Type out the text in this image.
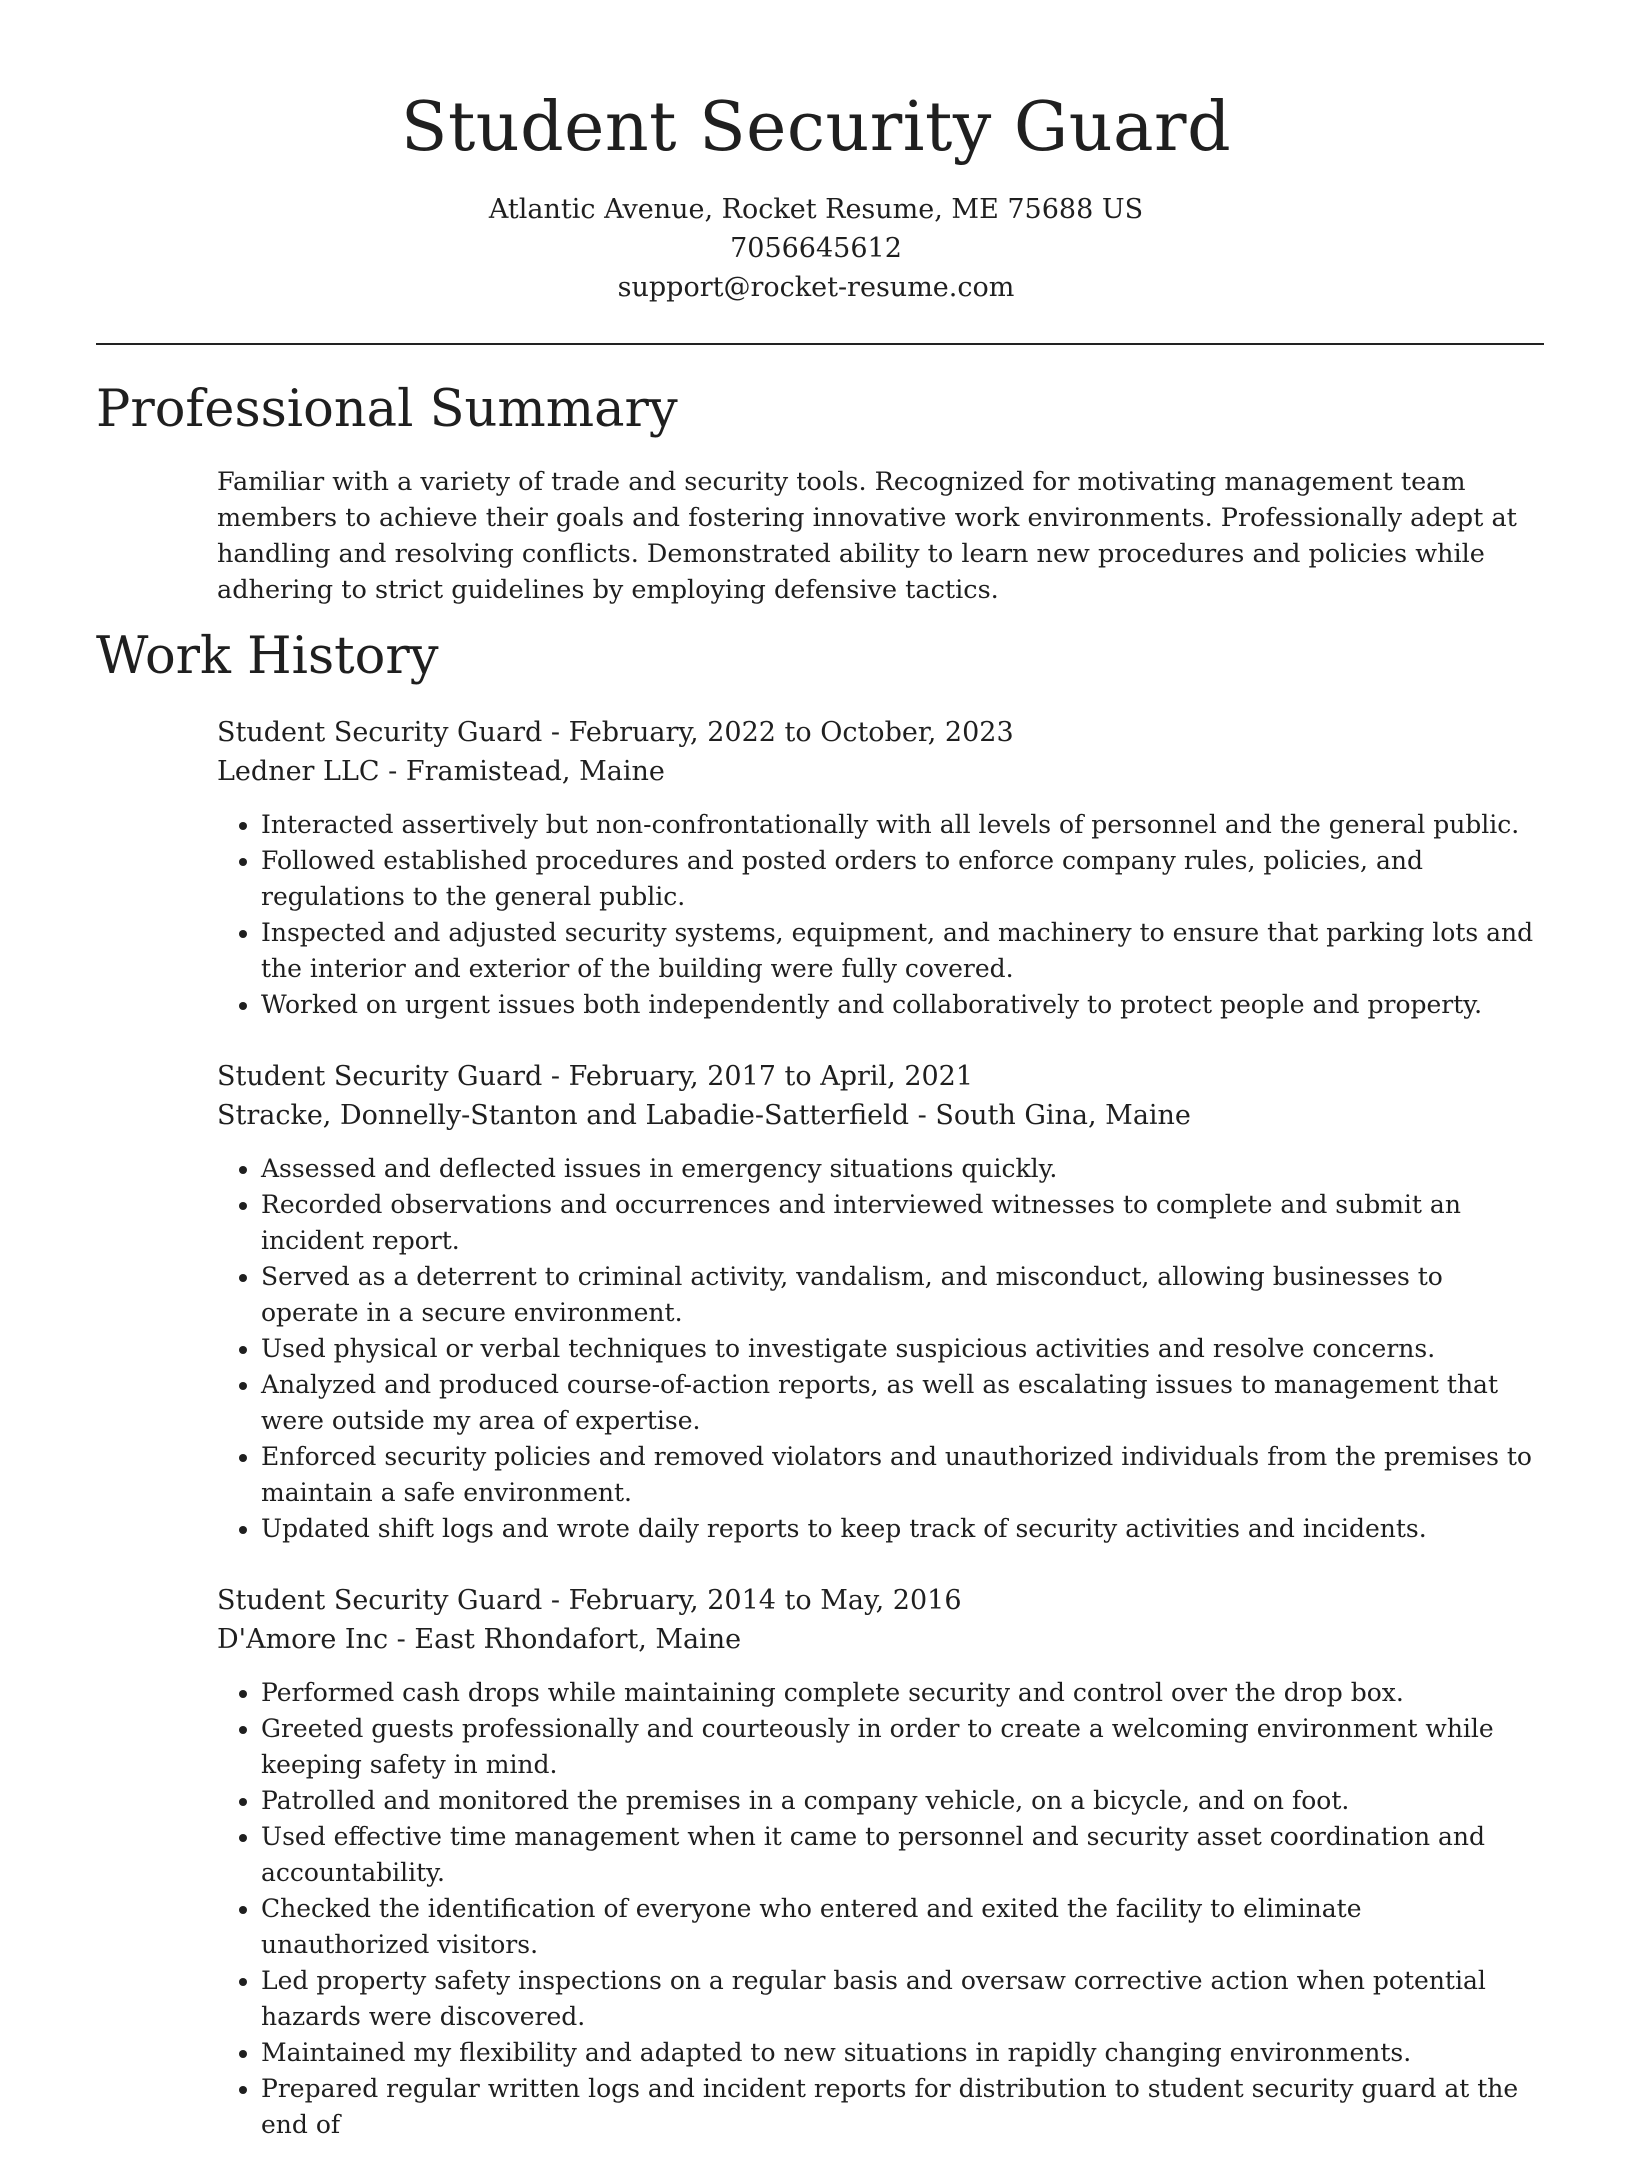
Student Security Guard
Atlantic Avenue, Rocket Resume, ME 75688 US
7056645612
support@rocket-resume.com
Professional Summary

Familiar with a variety of trade and security tools. Recognized for motivating management team members to achieve their goals and fostering innovative work environments. Professionally adept at handling and resolving conflicts. Demonstrated ability to learn new procedures and policies while adhering to strict guidelines by employing defensive tactics.

Work History
Student Security Guard - February, 2022 to October, 2023
Ledner LLC - Framistead, Maine
• Interacted assertively but non-confrontationally with all levels of personnel and the general public.
• Followed established procedures and posted orders to enforce company rules, policies, and regulations to the general public.
• Inspected and adjusted security systems, equipment, and machinery to ensure that parking lots and the interior and exterior of the building were fully covered.
• Worked on urgent issues both independently and collaboratively to protect people and property.
Student Security Guard - February, 2017 to April, 2021
Stracke, Donnelly-Stanton and Labadie-Satterfield - South Gina, Maine
• Assessed and deflected issues in emergency situations quickly.
• Recorded observations and occurrences and interviewed witnesses to complete and submit an incident report.
• Served as a deterrent to criminal activity, vandalism, and misconduct, allowing businesses to operate in a secure environment.
• Used physical or verbal techniques to investigate suspicious activities and resolve concerns.
• Analyzed and produced course-of-action reports, as well as escalating issues to management that were outside my area of expertise.
• Enforced security policies and removed violators and unauthorized individuals from the premises to maintain a safe environment.
• Updated shift logs and wrote daily reports to keep track of security activities and incidents.
Student Security Guard - February, 2014 to May, 2016
D'Amore Inc - East Rhondafort, Maine
• Performed cash drops while maintaining complete security and control over the drop box.
• Greeted guests professionally and courteously in order to create a welcoming environment while keeping safety in mind.
• Patrolled and monitored the premises in a company vehicle, on a bicycle, and on foot.
• Used effective time management when it came to personnel and security asset coordination and accountability.
• Checked the identification of everyone who entered and exited the facility to eliminate unauthorized visitors.
• Led property safety inspections on a regular basis and oversaw corrective action when potential hazards were discovered.
• Maintained my flexibility and adapted to new situations in rapidly changing environments.
• Prepared regular written logs and incident reports for distribution to student security guard at the end of
